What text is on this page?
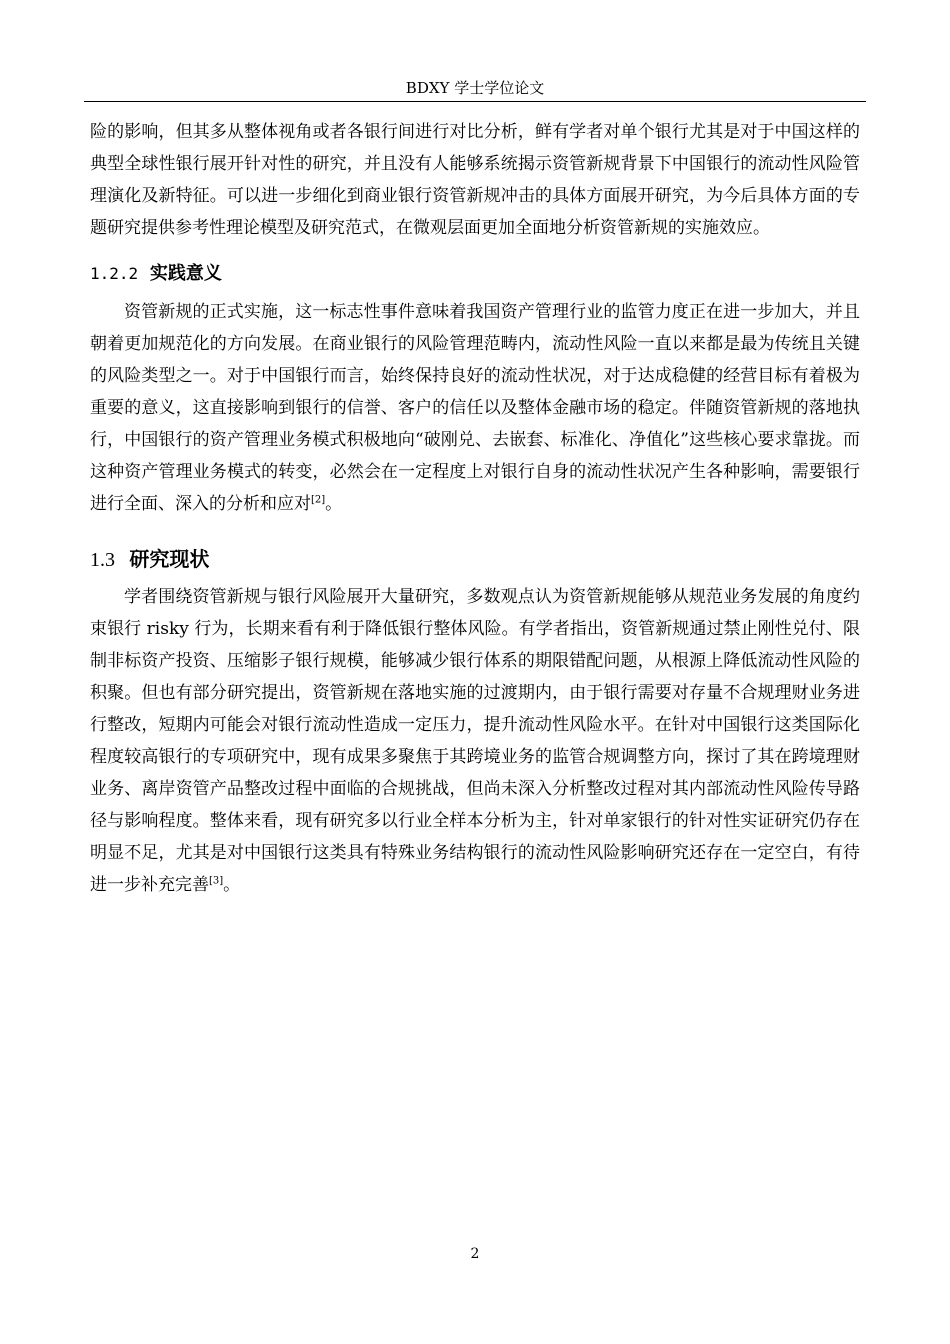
BDXY 学士学位论文

险的影响，但其多从整体视角或者各银行间进行对比分析，鲜有学者对单个银行尤其是对于中国这样的典型全球性银行展开针对性的研究，并且没有人能够系统揭示资管新规背景下中国银行的流动性风险管理演化及新特征。可以进一步细化到商业银行资管新规冲击的具体方面展开研究，为今后具体方面的专题研究提供参考性理论模型及研究范式，在微观层面更加全面地分析资管新规的实施效应。

1.2.2 实践意义

资管新规的正式实施，这一标志性事件意味着我国资产管理行业的监管力度正在进一步加大，并且朝着更加规范化的方向发展。在商业银行的风险管理范畴内，流动性风险一直以来都是最为传统且关键的风险类型之一。对于中国银行而言，始终保持良好的流动性状况，对于达成稳健的经营目标有着极为重要的意义，这直接影响到银行的信誉、客户的信任以及整体金融市场的稳定。伴随资管新规的落地执行，中国银行的资产管理业务模式积极地向“破刚兑、去嵌套、标准化、净值化”这些核心要求靠拢。而这种资产管理业务模式的转变，必然会在一定程度上对银行自身的流动性状况产生各种影响，需要银行进行全面、深入的分析和应对[2]。

1.3 研究现状

学者围绕资管新规与银行风险展开大量研究，多数观点认为资管新规能够从规范业务发展的角度约束银行 risky 行为，长期来看有利于降低银行整体风险。有学者指出，资管新规通过禁止刚性兑付、限制非标资产投资、压缩影子银行规模，能够减少银行体系的期限错配问题，从根源上降低流动性风险的积聚。但也有部分研究提出，资管新规在落地实施的过渡期内，由于银行需要对存量不合规理财业务进行整改，短期内可能会对银行流动性造成一定压力，提升流动性风险水平。在针对中国银行这类国际化程度较高银行的专项研究中，现有成果多聚焦于其跨境业务的监管合规调整方向，探讨了其在跨境理财业务、离岸资管产品整改过程中面临的合规挑战，但尚未深入分析整改过程对其内部流动性风险传导路径与影响程度。整体来看，现有研究多以行业全样本分析为主，针对单家银行的针对性实证研究仍存在明显不足，尤其是对中国银行这类具有特殊业务结构银行的流动性风险影响研究还存在一定空白，有待进一步补充完善[3]。

2
